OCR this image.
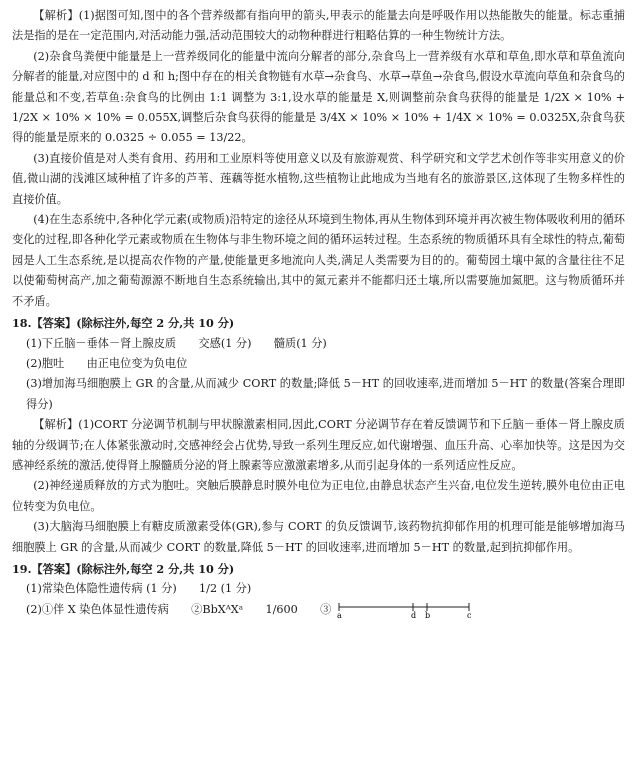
【解析】(1)据图可知,图中的各个营养级都有指向甲的箭头,甲表示的能量去向是呼吸作用以热能散失的能量。标志重捕法是指的是在一定范围内,对活动能力强,活动范围较大的动物种群进行粗略估算的一种生物统计方法。

(2)杂食鸟粪便中能量是上一营养级同化的能量中流向分解者的部分,杂食鸟上一营养级有水草和草鱼,即水草和草鱼流向分解者的能量,对应图中的 d 和 h;图中存在的相关食物链有水草→杂食鸟、水草→草鱼→杂食鸟,假设水草流向草鱼和杂食鸟的能量总和不变,若草鱼:杂食鸟的比例由 1:1 调整为 3:1,设水草的能量是 X,则调整前杂食鸟获得的能量是 1/2X × 10% + 1/2X × 10% × 10% = 0.055X,调整后杂食鸟获得的能量是 3/4X × 10% × 10% + 1/4X × 10% = 0.0325X,杂食鸟获得的能量是原来的 0.0325 ÷ 0.055 = 13/22。

(3)直接价值是对人类有食用、药用和工业原料等使用意义以及有旅游观赏、科学研究和文学艺术创作等非实用意义的价值,微山湖的浅滩区域种植了许多的芦苇、莲藕等挺水植物,这些植物让此地成为当地有名的旅游景区,这体现了生物多样性的直接价值。

(4)在生态系统中,各种化学元素(或物质)沿特定的途径从环境到生物体,再从生物体到环境并再次被生物体吸收利用的循环变化的过程,即各种化学元素或物质在生物体与非生物环境之间的循环运转过程。生态系统的物质循环具有全球性的特点,葡萄园是人工生态系统,是以提高农作物的产量,使能量更多地流向人类,满足人类需要为目的的。葡萄园土壤中氮的含量往往不足以使葡萄树高产,加之葡萄源源不断地自生态系统输出,其中的氮元素并不能都归还土壤,所以需要施加氮肥。这与物质循环并不矛盾。

18.【答案】(除标注外,每空 2 分,共 10 分)

(1)下丘脑－垂体－肾上腺皮质　　交感(1 分)　　髓质(1 分)

(2)胞吐　　由正电位变为负电位

(3)增加海马细胞膜上 GR 的含量,从而减少 CORT 的数量;降低 5－HT 的回收速率,进而增加 5－HT 的数量(答案合理即得分)

【解析】(1)CORT 分泌调节机制与甲状腺激素相同,因此,CORT 分泌调节存在着反馈调节和下丘脑－垂体－肾上腺皮质轴的分级调节;在人体紧张激动时,交感神经会占优势,导致一系列生理反应,如代谢增强、血压升高、心率加快等。这是因为交感神经系统的激活,使得肾上腺髓质分泌的肾上腺素等应激激素增多,从而引起身体的一系列适应性反应。

(2)神经递质释放的方式为胞吐。突触后膜静息时膜外电位为正电位,由静息状态产生兴奋,电位发生逆转,膜外电位由正电位转变为负电位。

(3)大脑海马细胞膜上有糖皮质激素受体(GR),参与 CORT 的负反馈调节,该药物抗抑郁作用的机理可能是能够增加海马细胞膜上 GR 的含量,从而减少 CORT 的数量,降低 5－HT 的回收速率,进而增加 5－HT 的数量,起到抗抑郁作用。

19.【答案】(除标注外,每空 2 分,共 10 分)

(1)常染色体隐性遗传病 (1 分)　　1/2 (1 分)

(2)①伴 X 染色体显性遗传病　　②BbXᴬXᵃ　　1/600　　③ a	d b	c
